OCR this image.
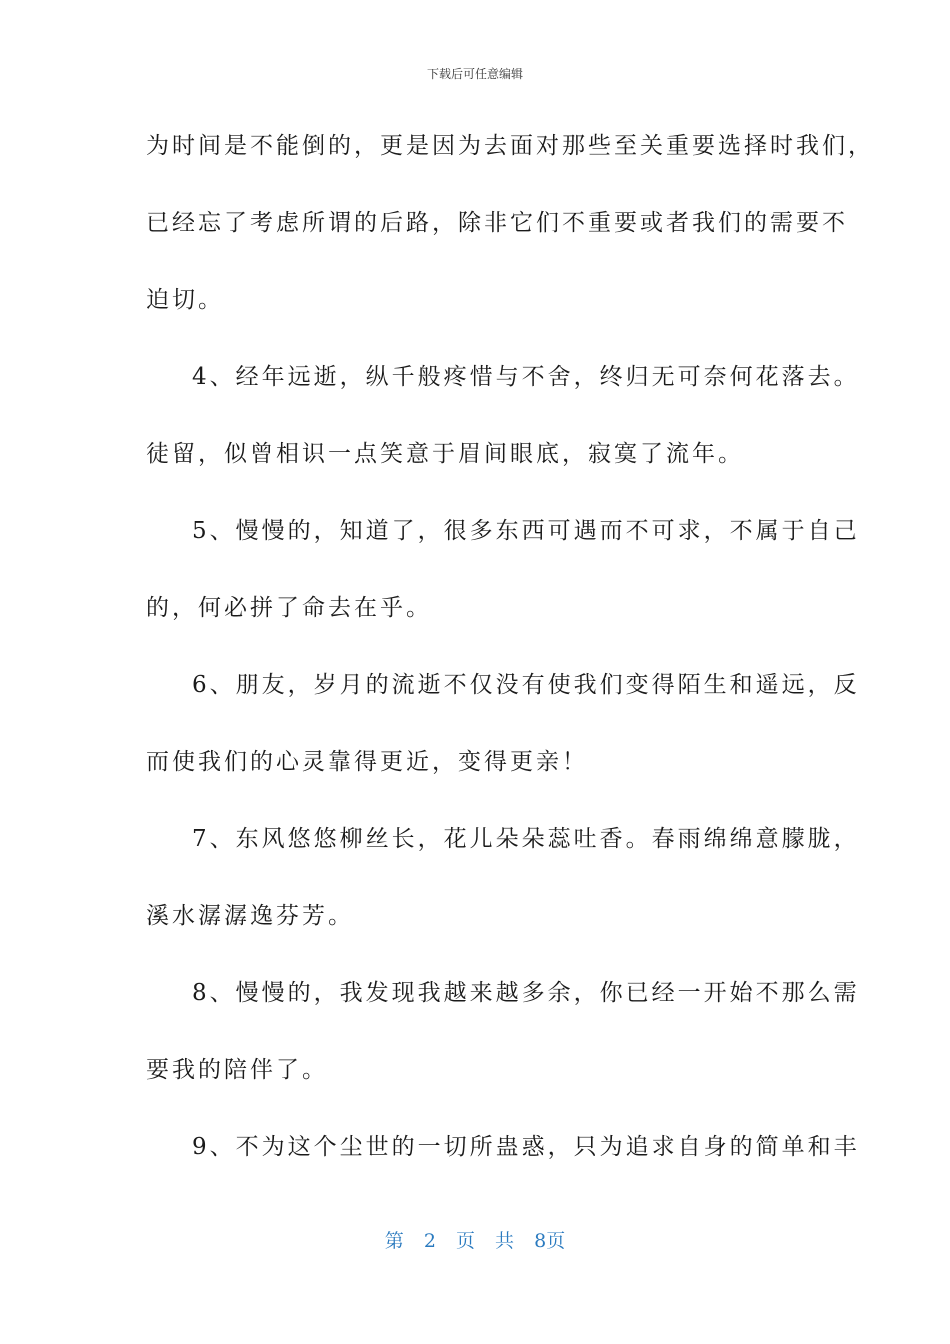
下载后可任意编辑
为时间是不能倒的，更是因为去面对那些至关重要选择时我们，
已经忘了考虑所谓的后路，除非它们不重要或者我们的需要不
迫切。
4、经年远逝，纵千般疼惜与不舍，终归无可奈何花落去。
徒留，似曾相识一点笑意于眉间眼底，寂寞了流年。
5、慢慢的，知道了，很多东西可遇而不可求，不属于自己
的，何必拼了命去在乎。
6、朋友，岁月的流逝不仅没有使我们变得陌生和遥远，反
而使我们的心灵靠得更近，变得更亲！
7、东风悠悠柳丝长，花儿朵朵蕊吐香。春雨绵绵意朦胧，
溪水潺潺逸芬芳。
8、慢慢的，我发现我越来越多余，你已经一开始不那么需
要我的陪伴了。
9、不为这个尘世的一切所蛊惑，只为追求自身的简单和丰
第 2 页 共 8页
